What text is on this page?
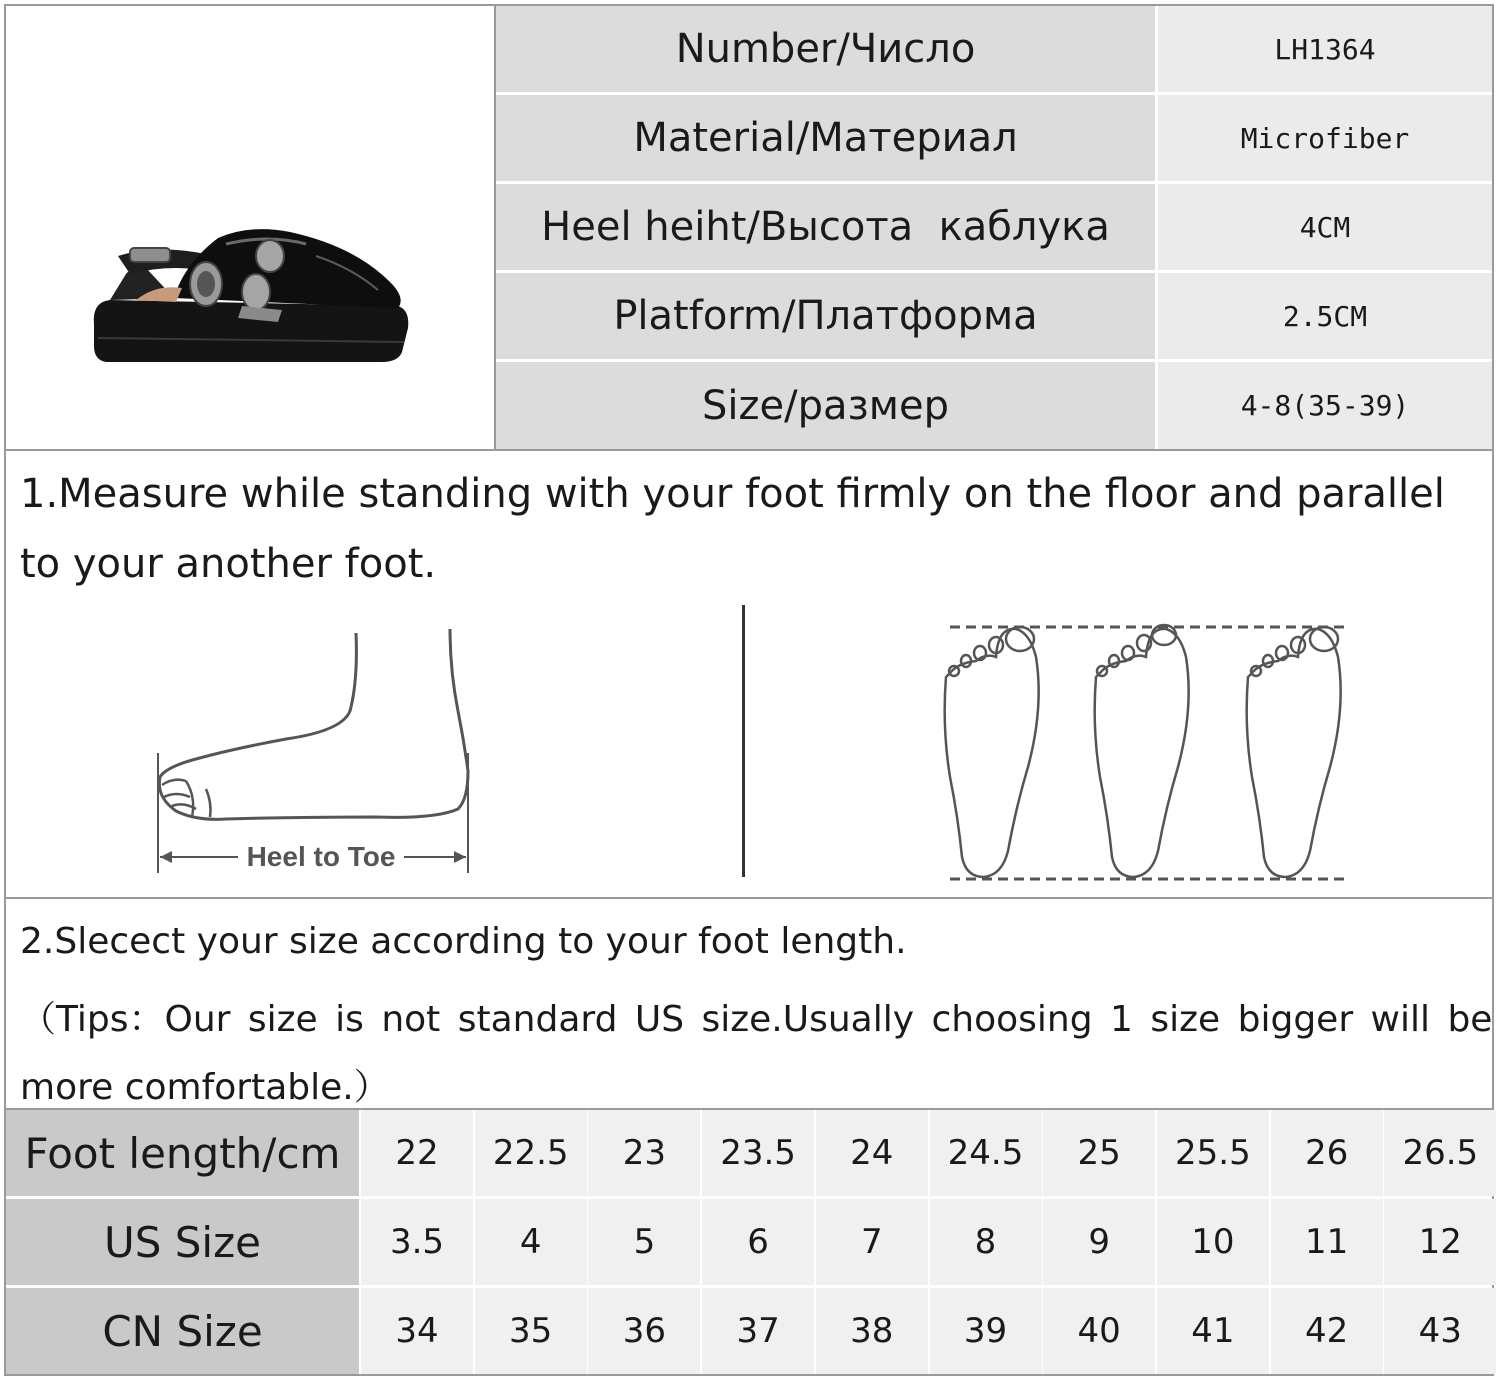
Number/Число	LH1364
Material/Материал	Microfiber
Heel heiht/Высота  каблука	4CM
Platform/Платформа	2.5CM
Size/размер	4-8(35-39)
1.Measure while standing with your foot firmly on the floor and parallel
to your another foot.
Heel to Toe
2.Slecect your size according to your foot length.
（Tips：Our size is not standard US size.Usually choosing 1 size bigger will be
more comfortable.）
Foot length/cm	22	22.5	23	23.5	24	24.5	25	25.5	26	26.5
US Size	3.5	4	5	6	7	8	9	10	11	12
CN Size	34	35	36	37	38	39	40	41	42	43
